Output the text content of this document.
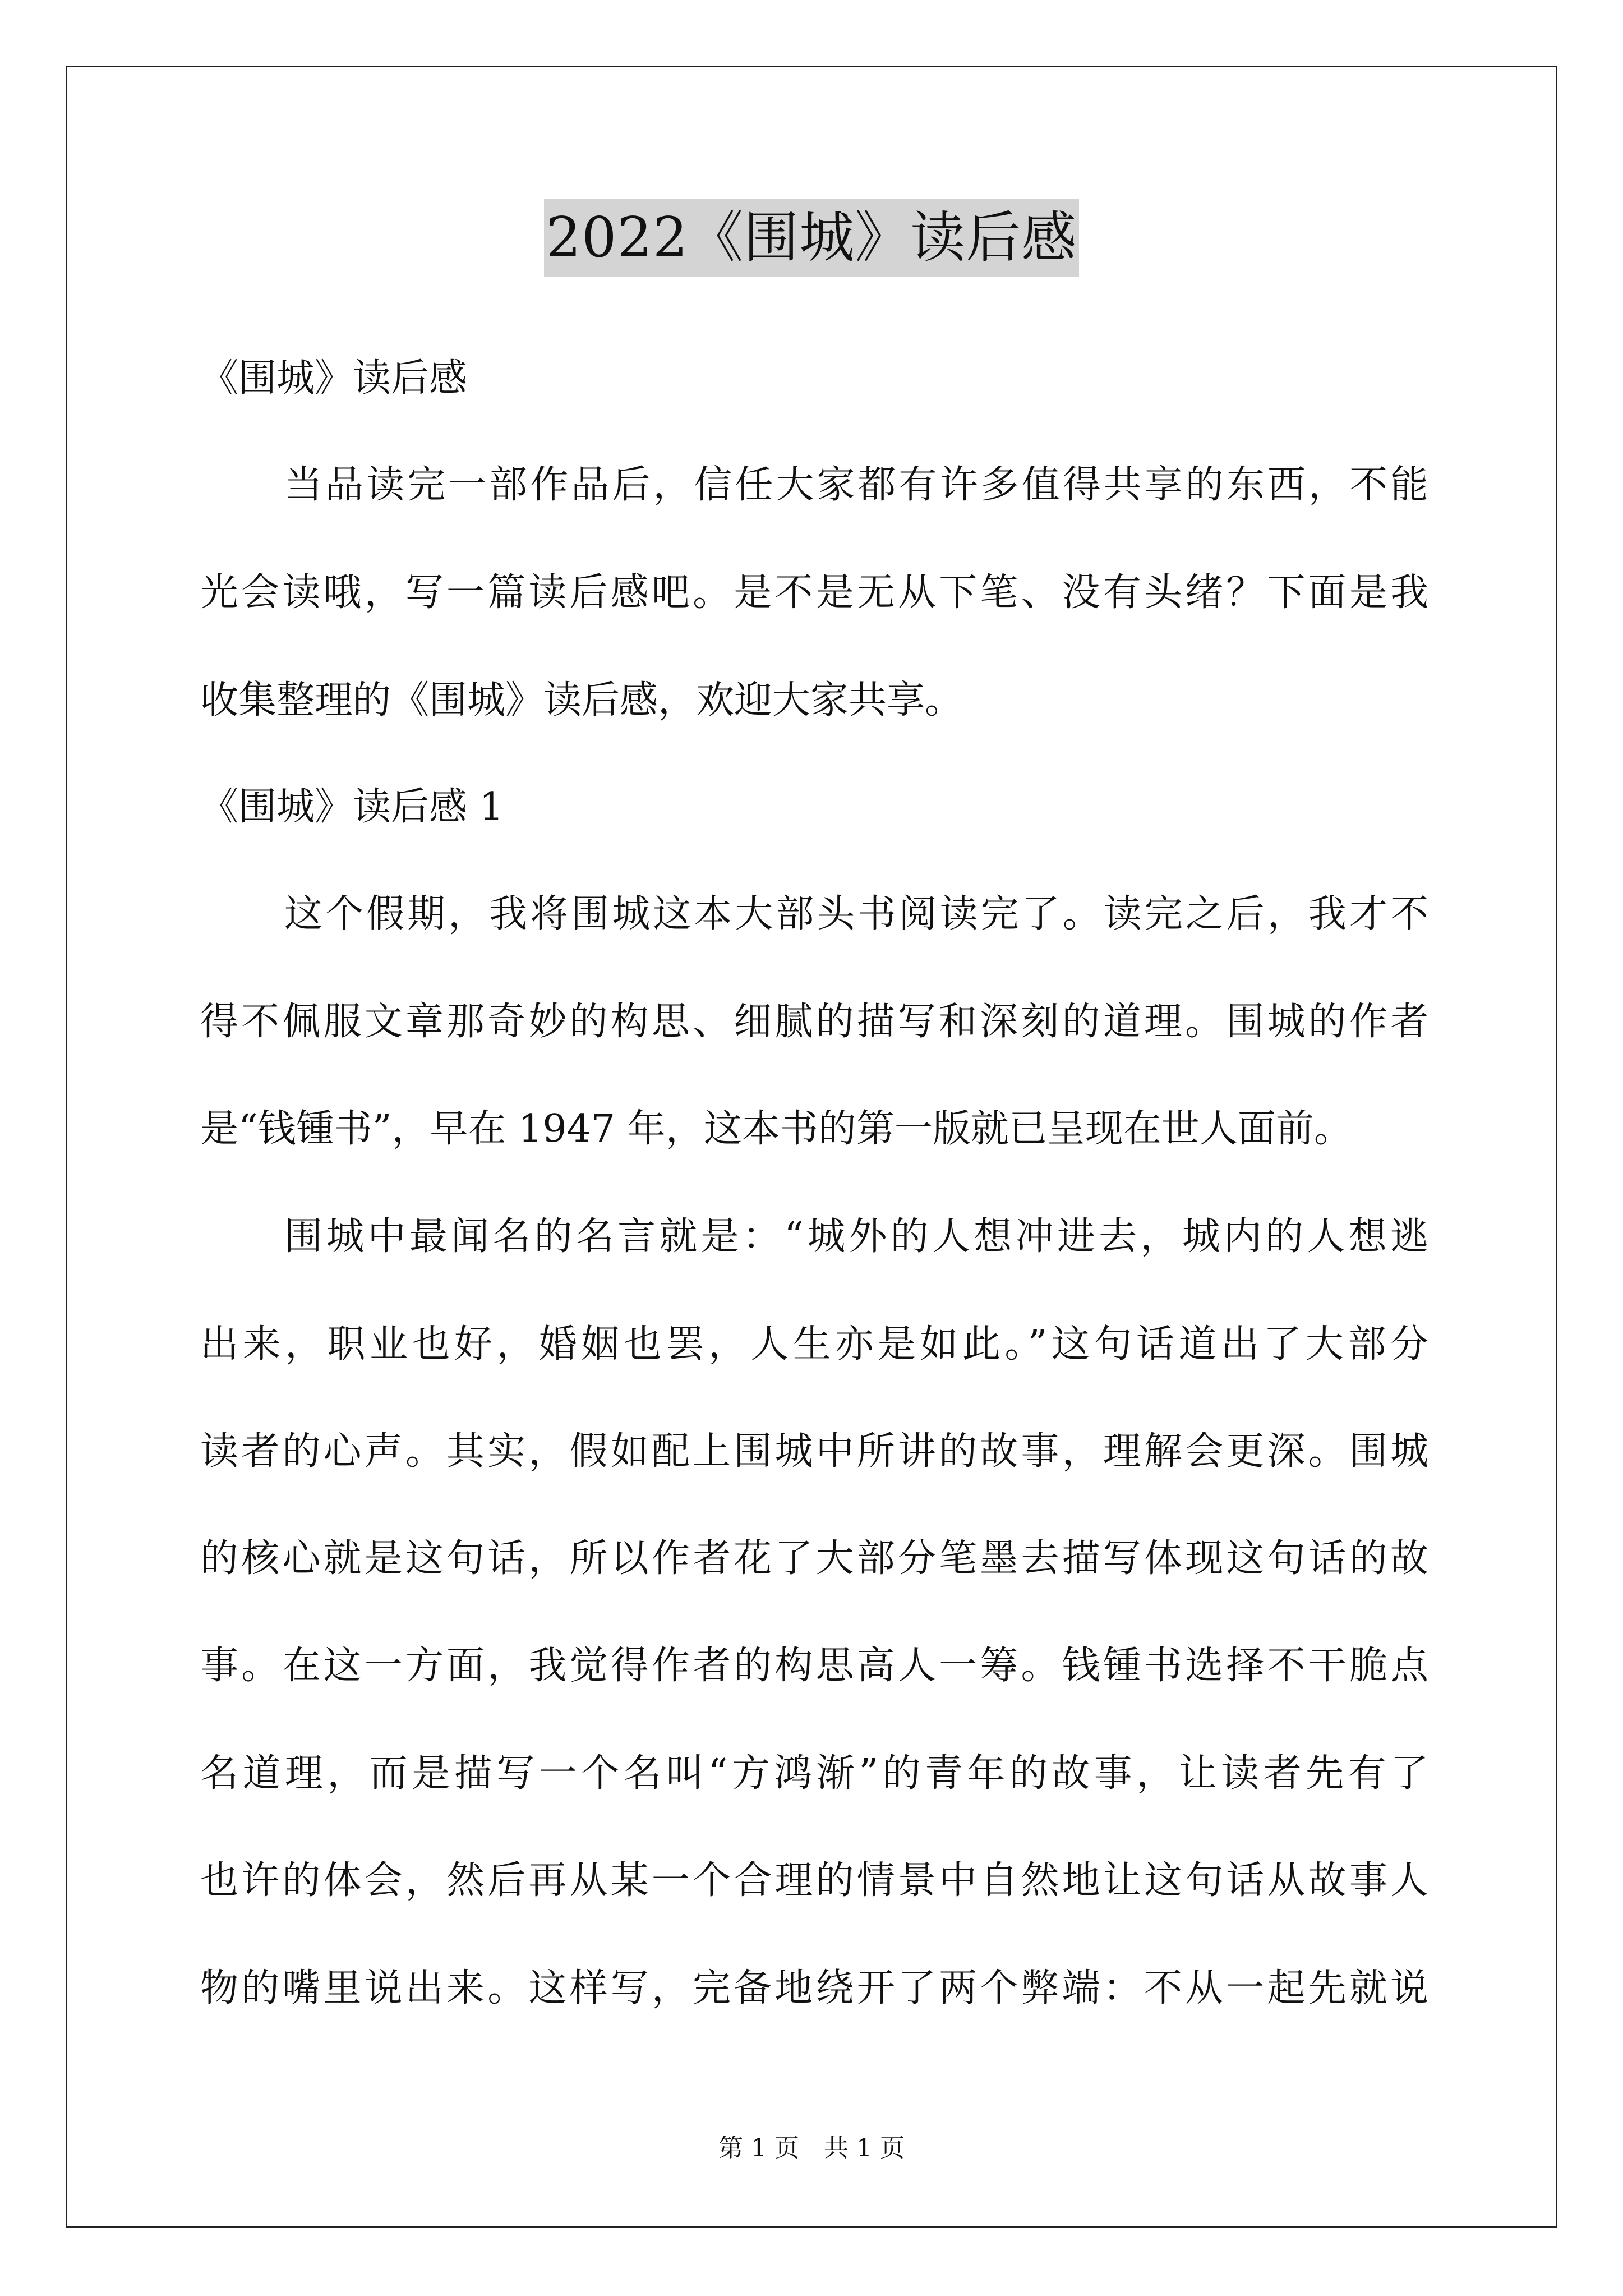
2022《围城》读后感
《围城》读后感
当品读完一部作品后，信任大家都有许多值得共享的东西，不能
光会读哦，写一篇读后感吧。是不是无从下笔、没有头绪？下面是我
收集整理的《围城》读后感，欢迎大家共享。
《围城》读后感 1
这个假期，我将围城这本大部头书阅读完了。读完之后，我才不
得不佩服文章那奇妙的构思、细腻的描写和深刻的道理。围城的作者
是“钱锺书”，早在 1947 年，这本书的第一版就已呈现在世人面前。
围城中最闻名的名言就是：“城外的人想冲进去，城内的人想逃
出来，职业也好，婚姻也罢，人生亦是如此。”这句话道出了大部分
读者的心声。其实，假如配上围城中所讲的故事，理解会更深。围城
的核心就是这句话，所以作者花了大部分笔墨去描写体现这句话的故
事。在这一方面，我觉得作者的构思高人一筹。钱锺书选择不干脆点
名道理，而是描写一个名叫“方鸿渐”的青年的故事，让读者先有了
也许的体会，然后再从某一个合理的情景中自然地让这句话从故事人
物的嘴里说出来。这样写，完备地绕开了两个弊端：不从一起先就说
第 1 页　共 1 页
